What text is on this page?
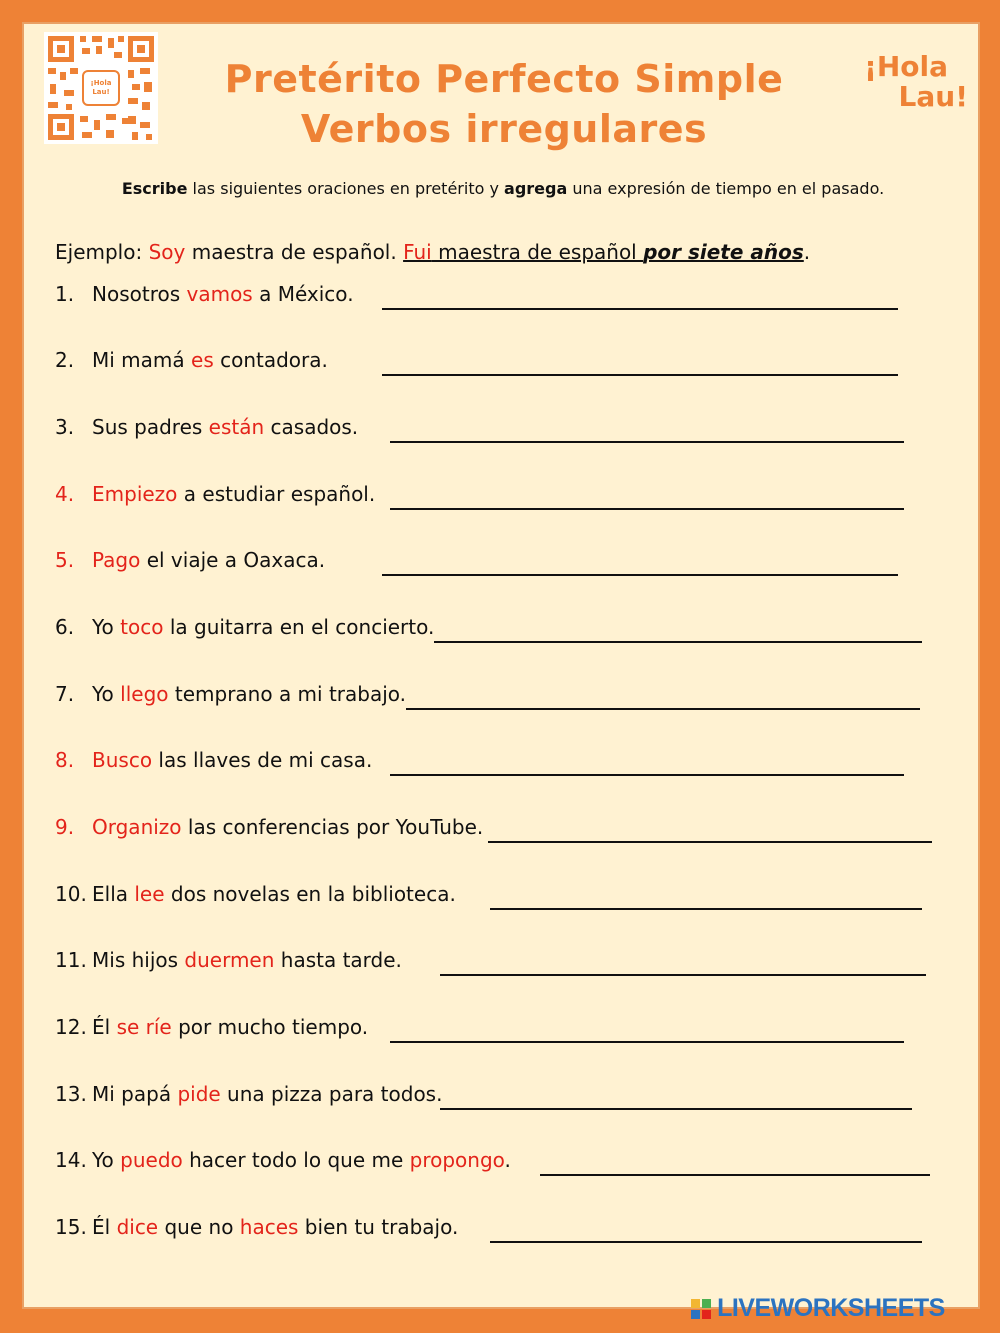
¡Hola
Lau!	Pretérito Perfecto Simple
Verbos irregulares
¡Hola
Lau!
Escribe las siguientes oraciones en pretérito y agrega una expresión de tiempo en el pasado.
Ejemplo: Soy maestra de español. Fui maestra de español por siete años.
1. Nosotros vamos a México.
2. Mi mamá es contadora.
3. Sus padres están casados.
4. Empiezo a estudiar español.
5. Pago el viaje a Oaxaca.
6. Yo toco la guitarra en el concierto.
7. Yo llego temprano a mi trabajo.
8. Busco las llaves de mi casa.
9. Organizo las conferencias por YouTube.
10. Ella lee dos novelas en la biblioteca.
11. Mis hijos duermen hasta tarde.
12. Él se ríe por mucho tiempo.
13. Mi papá pide una pizza para todos.
14. Yo puedo hacer todo lo que me propongo.
15. Él dice que no haces bien tu trabajo.
LIVEWORKSHEETS
